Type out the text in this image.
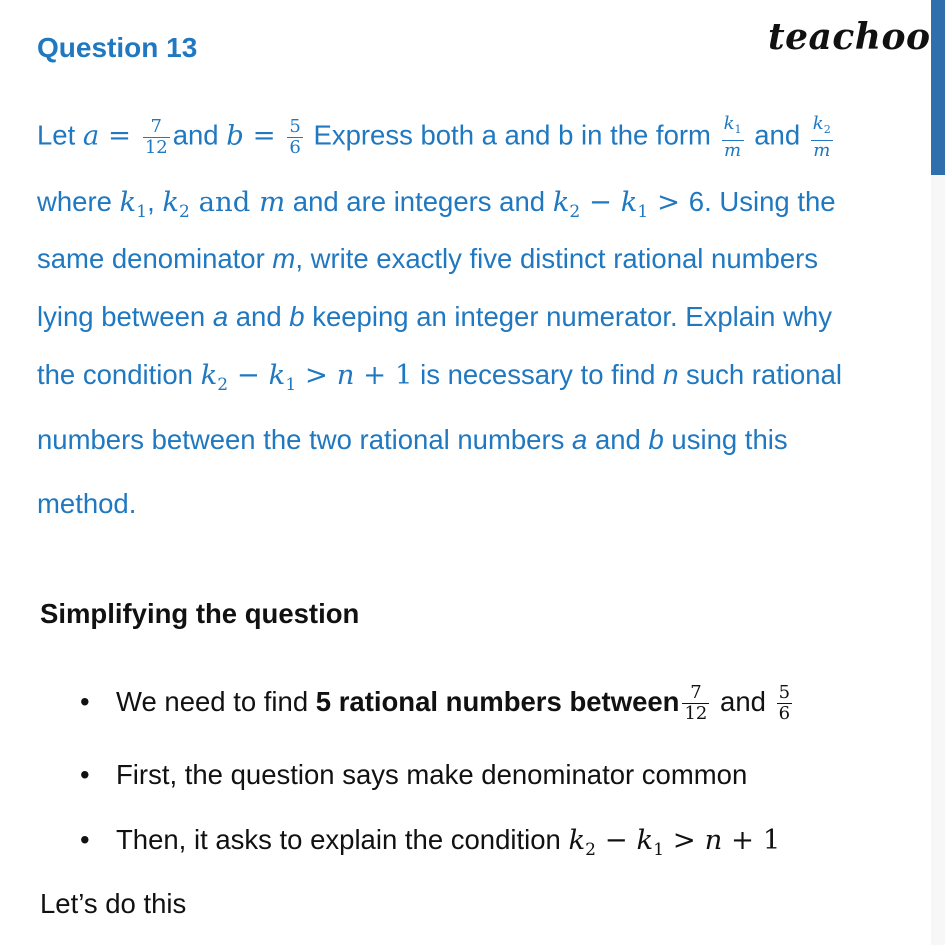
Question 13	teachoo
Let $a = \frac{7}{12}$ and $b = \frac{5}{6}$ Express both a and b in the form $\frac{k_1}{m}$ and $\frac{k_2}{m}$
where $k_1$, $k_2$ and m and are integers and $k_2 - k_1 > 6$. Using the
same denominator m, write exactly five distinct rational numbers
lying between a and b keeping an integer numerator. Explain why
the condition $k_2 - k_1 > n + 1$ is necessary to find n such rational
numbers between the two rational numbers a and b using this
method.
Simplifying the question
• We need to find 5 rational numbers between $\frac{7}{12}$ and $\frac{5}{6}$
• First, the question says make denominator common
• Then, it asks to explain the condition $k_2 - k_1 > n + 1$
Let’s do this
